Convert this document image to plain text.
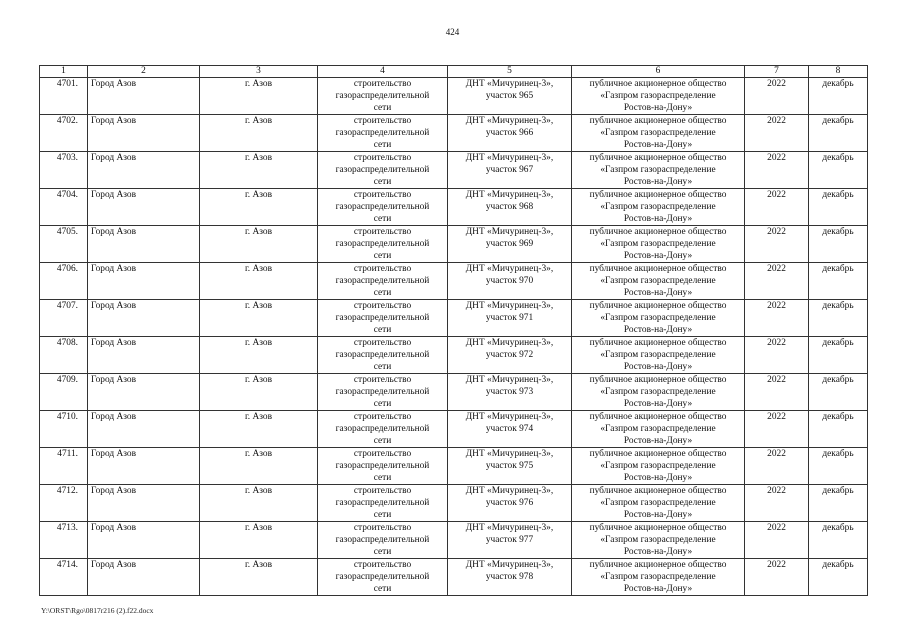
424
1	2	3	4	5	6	7	8
4701.	Город Азов	г. Азов	строительство
газораспределительной
сети	ДНТ «Мичуринец-3»,
участок 965	публичное акционерное общество
«Газпром газораспределение
Ростов-на-Дону»	2022	декабрь
4702.	Город Азов	г. Азов	строительство
газораспределительной
сети	ДНТ «Мичуринец-3»,
участок 966	публичное акционерное общество
«Газпром газораспределение
Ростов-на-Дону»	2022	декабрь
4703.	Город Азов	г. Азов	строительство
газораспределительной
сети	ДНТ «Мичуринец-3»,
участок 967	публичное акционерное общество
«Газпром газораспределение
Ростов-на-Дону»	2022	декабрь
4704.	Город Азов	г. Азов	строительство
газораспределительной
сети	ДНТ «Мичуринец-3»,
участок 968	публичное акционерное общество
«Газпром газораспределение
Ростов-на-Дону»	2022	декабрь
4705.	Город Азов	г. Азов	строительство
газораспределительной
сети	ДНТ «Мичуринец-3»,
участок 969	публичное акционерное общество
«Газпром газораспределение
Ростов-на-Дону»	2022	декабрь
4706.	Город Азов	г. Азов	строительство
газораспределительной
сети	ДНТ «Мичуринец-3»,
участок 970	публичное акционерное общество
«Газпром газораспределение
Ростов-на-Дону»	2022	декабрь
4707.	Город Азов	г. Азов	строительство
газораспределительной
сети	ДНТ «Мичуринец-3»,
участок 971	публичное акционерное общество
«Газпром газораспределение
Ростов-на-Дону»	2022	декабрь
4708.	Город Азов	г. Азов	строительство
газораспределительной
сети	ДНТ «Мичуринец-3»,
участок 972	публичное акционерное общество
«Газпром газораспределение
Ростов-на-Дону»	2022	декабрь
4709.	Город Азов	г. Азов	строительство
газораспределительной
сети	ДНТ «Мичуринец-3»,
участок 973	публичное акционерное общество
«Газпром газораспределение
Ростов-на-Дону»	2022	декабрь
4710.	Город Азов	г. Азов	строительство
газораспределительной
сети	ДНТ «Мичуринец-3»,
участок 974	публичное акционерное общество
«Газпром газораспределение
Ростов-на-Дону»	2022	декабрь
4711.	Город Азов	г. Азов	строительство
газораспределительной
сети	ДНТ «Мичуринец-3»,
участок 975	публичное акционерное общество
«Газпром газораспределение
Ростов-на-Дону»	2022	декабрь
4712.	Город Азов	г. Азов	строительство
газораспределительной
сети	ДНТ «Мичуринец-3»,
участок 976	публичное акционерное общество
«Газпром газораспределение
Ростов-на-Дону»	2022	декабрь
4713.	Город Азов	г. Азов	строительство
газораспределительной
сети	ДНТ «Мичуринец-3»,
участок 977	публичное акционерное общество
«Газпром газораспределение
Ростов-на-Дону»	2022	декабрь
4714.	Город Азов	г. Азов	строительство
газораспределительной
сети	ДНТ «Мичуринец-3»,
участок 978	публичное акционерное общество
«Газпром газораспределение
Ростов-на-Дону»	2022	декабрь
Y:\ORST\Rgo\0817r216 (2).f22.docx
